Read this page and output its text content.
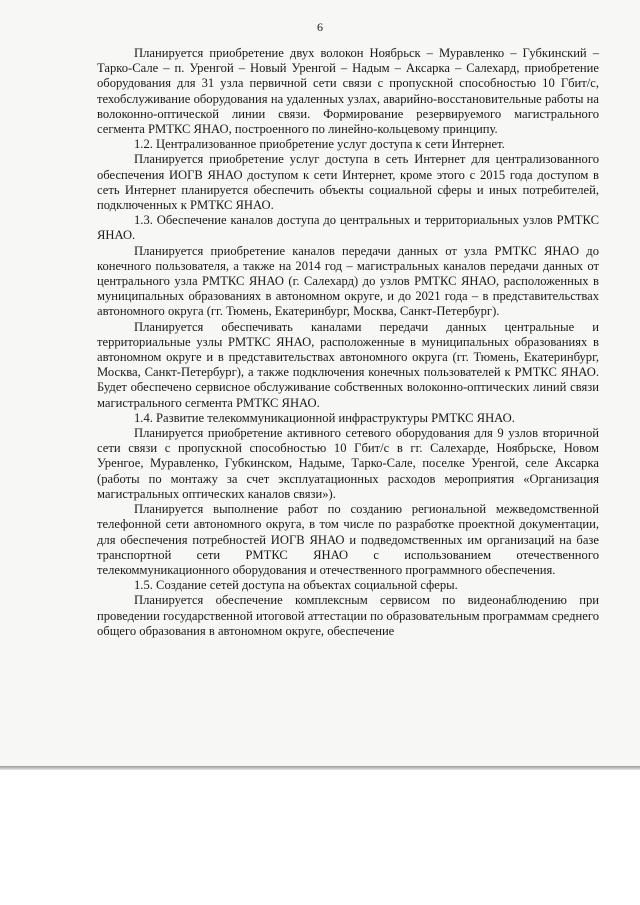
6

Планируется приобретение двух волокон Ноябрьск – Муравленко – Губкинский – Тарко-Сале – п. Уренгой – Новый Уренгой – Надым – Аксарка – Салехард, приобретение оборудования для 31 узла первичной сети связи с пропускной способностью 10 Гбит/с, техобслуживание оборудования на удаленных узлах, аварийно-восстановительные работы на волоконно-оптической линии связи. Формирование резервируемого магистрального сегмента РМТКС ЯНАО, построенного по линейно-кольцевому принципу.

1.2. Централизованное приобретение услуг доступа к сети Интернет.

Планируется приобретение услуг доступа в сеть Интернет для централизованного обеспечения ИОГВ ЯНАО доступом к сети Интернет, кроме этого с 2015 года доступом в сеть Интернет планируется обеспечить объекты социальной сферы и иных потребителей, подключенных к РМТКС ЯНАО.

1.3. Обеспечение каналов доступа до центральных и территориальных узлов РМТКС ЯНАО.

Планируется приобретение каналов передачи данных от узла РМТКС ЯНАО до конечного пользователя, а также на 2014 год – магистральных каналов передачи данных от центрального узла РМТКС ЯНАО (г. Салехард) до узлов РМТКС ЯНАО, расположенных в муниципальных образованиях в автономном округе, и до 2021 года – в представительствах автономного округа (гг. Тюмень, Екатеринбург, Москва, Санкт-Петербург).

Планируется обеспечивать каналами передачи данных центральные и территориальные узлы РМТКС ЯНАО, расположенные в муниципальных образованиях в автономном округе и в представительствах автономного округа (гг. Тюмень, Екатеринбург, Москва, Санкт-Петербург), а также подключения конечных пользователей к РМТКС ЯНАО. Будет обеспечено сервисное обслуживание собственных волоконно-оптических линий связи магистрального сегмента РМТКС ЯНАО.

1.4. Развитие телекоммуникационной инфраструктуры РМТКС ЯНАО.

Планируется приобретение активного сетевого оборудования для 9 узлов вторичной сети связи с пропускной способностью 10 Гбит/с в гг. Салехарде, Ноябрьске, Новом Уренгое, Муравленко, Губкинском, Надыме, Тарко-Сале, поселке Уренгой, селе Аксарка (работы по монтажу за счет эксплуатационных расходов мероприятия «Организация магистральных оптических каналов связи»).

Планируется выполнение работ по созданию региональной межведомственной телефонной сети автономного округа, в том числе по разработке проектной документации, для обеспечения потребностей ИОГВ ЯНАО и подведомственных им организаций на базе транспортной сети РМТКС ЯНАО с использованием отечественного телекоммуникационного оборудования и отечественного программного обеспечения.

1.5. Создание сетей доступа на объектах социальной сферы.

Планируется обеспечение комплексным сервисом по видеонаблюдению при проведении государственной итоговой аттестации по образовательным программам среднего общего образования в автономном округе, обеспечение
